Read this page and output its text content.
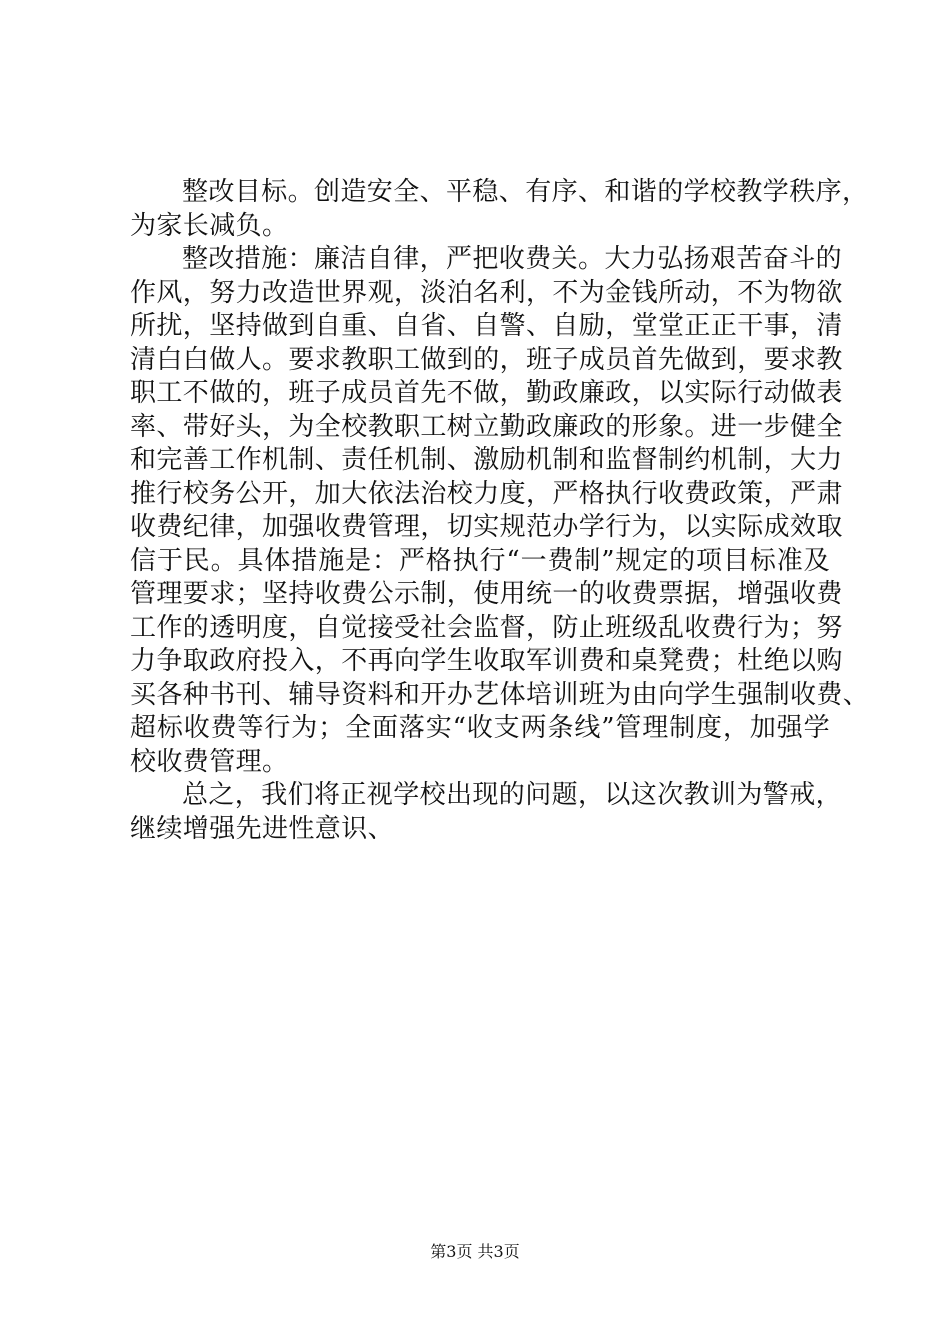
整改目标。创造安全、平稳、有序、和谐的学校教学秩序，
为家长减负。
整改措施：廉洁自律，严把收费关。大力弘扬艰苦奋斗的
作风，努力改造世界观，淡泊名利，不为金钱所动，不为物欲
所扰，坚持做到自重、自省、自警、自励，堂堂正正干事，清
清白白做人。要求教职工做到的，班子成员首先做到，要求教
职工不做的，班子成员首先不做，勤政廉政，以实际行动做表
率、带好头，为全校教职工树立勤政廉政的形象。进一步健全
和完善工作机制、责任机制、激励机制和监督制约机制，大力
推行校务公开，加大依法治校力度，严格执行收费政策，严肃
收费纪律，加强收费管理，切实规范办学行为，以实际成效取
信于民。具体措施是：严格执行“一费制”规定的项目标准及
管理要求；坚持收费公示制，使用统一的收费票据，增强收费
工作的透明度，自觉接受社会监督，防止班级乱收费行为；努
力争取政府投入，不再向学生收取军训费和桌凳费；杜绝以购
买各种书刊、辅导资料和开办艺体培训班为由向学生强制收费、
超标收费等行为；全面落实“收支两条线”管理制度，加强学
校收费管理。
总之，我们将正视学校出现的问题，以这次教训为警戒，
继续增强先进性意识、
第3页 共3页
